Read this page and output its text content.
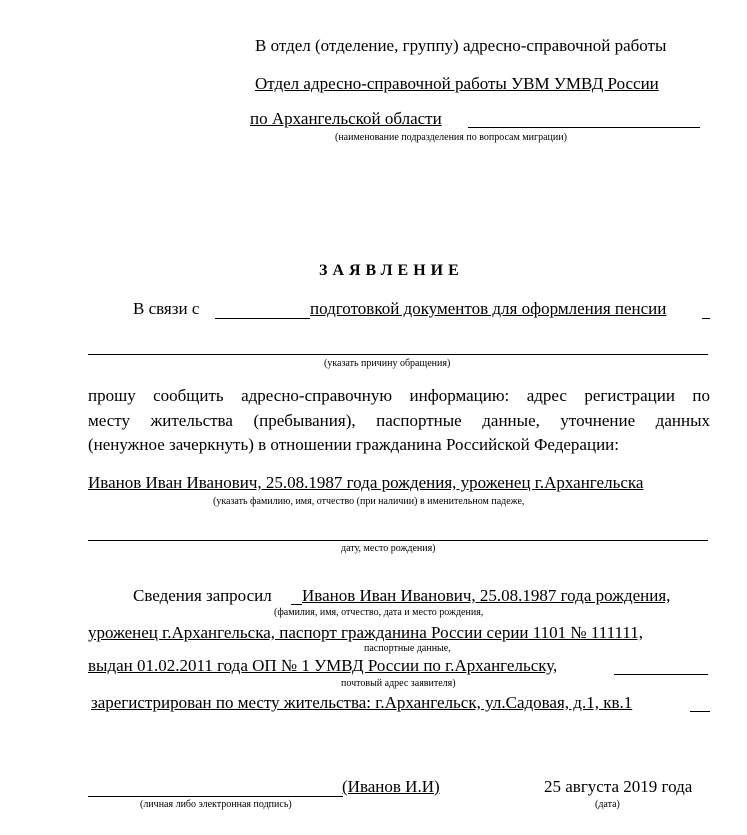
В отдел (отделение, группу) адресно-справочной работы
Отдел адресно-справочной работы УВМ УМВД России
по Архангельской области
(наименование подразделения по вопросам миграции)
ЗАЯВЛЕНИЕ
В связи с	подготовкой документов для оформления пенсии
(указать причину обращения)
прошу сообщить адресно-справочную информацию: адрес регистрации по
месту жительства (пребывания), паспортные данные, уточнение данных
(ненужное зачеркнуть) в отношении гражданина Российской Федерации:
Иванов Иван Иванович, 25.08.1987 года рождения, уроженец г.Архангельска
(указать фамилию, имя, отчество (при наличии) в именительном падеже,
дату, место рождения)
Сведения запросил Иванов Иван Иванович, 25.08.1987 года рождения,
(фамилия, имя, отчество, дата и место рождения,
уроженец г.Архангельска, паспорт гражданина России серии 1101 № 111111,
паспортные данные,
выдан 01.02.2011 года ОП № 1 УМВД России по г.Архангельску,
почтовый адрес заявителя)
зарегистрирован по месту жительства: г.Архангельск, ул.Садовая, д.1, кв.1
(Иванов И.И)	25 августа 2019 года
(личная либо электронная подпись)	(дата)
